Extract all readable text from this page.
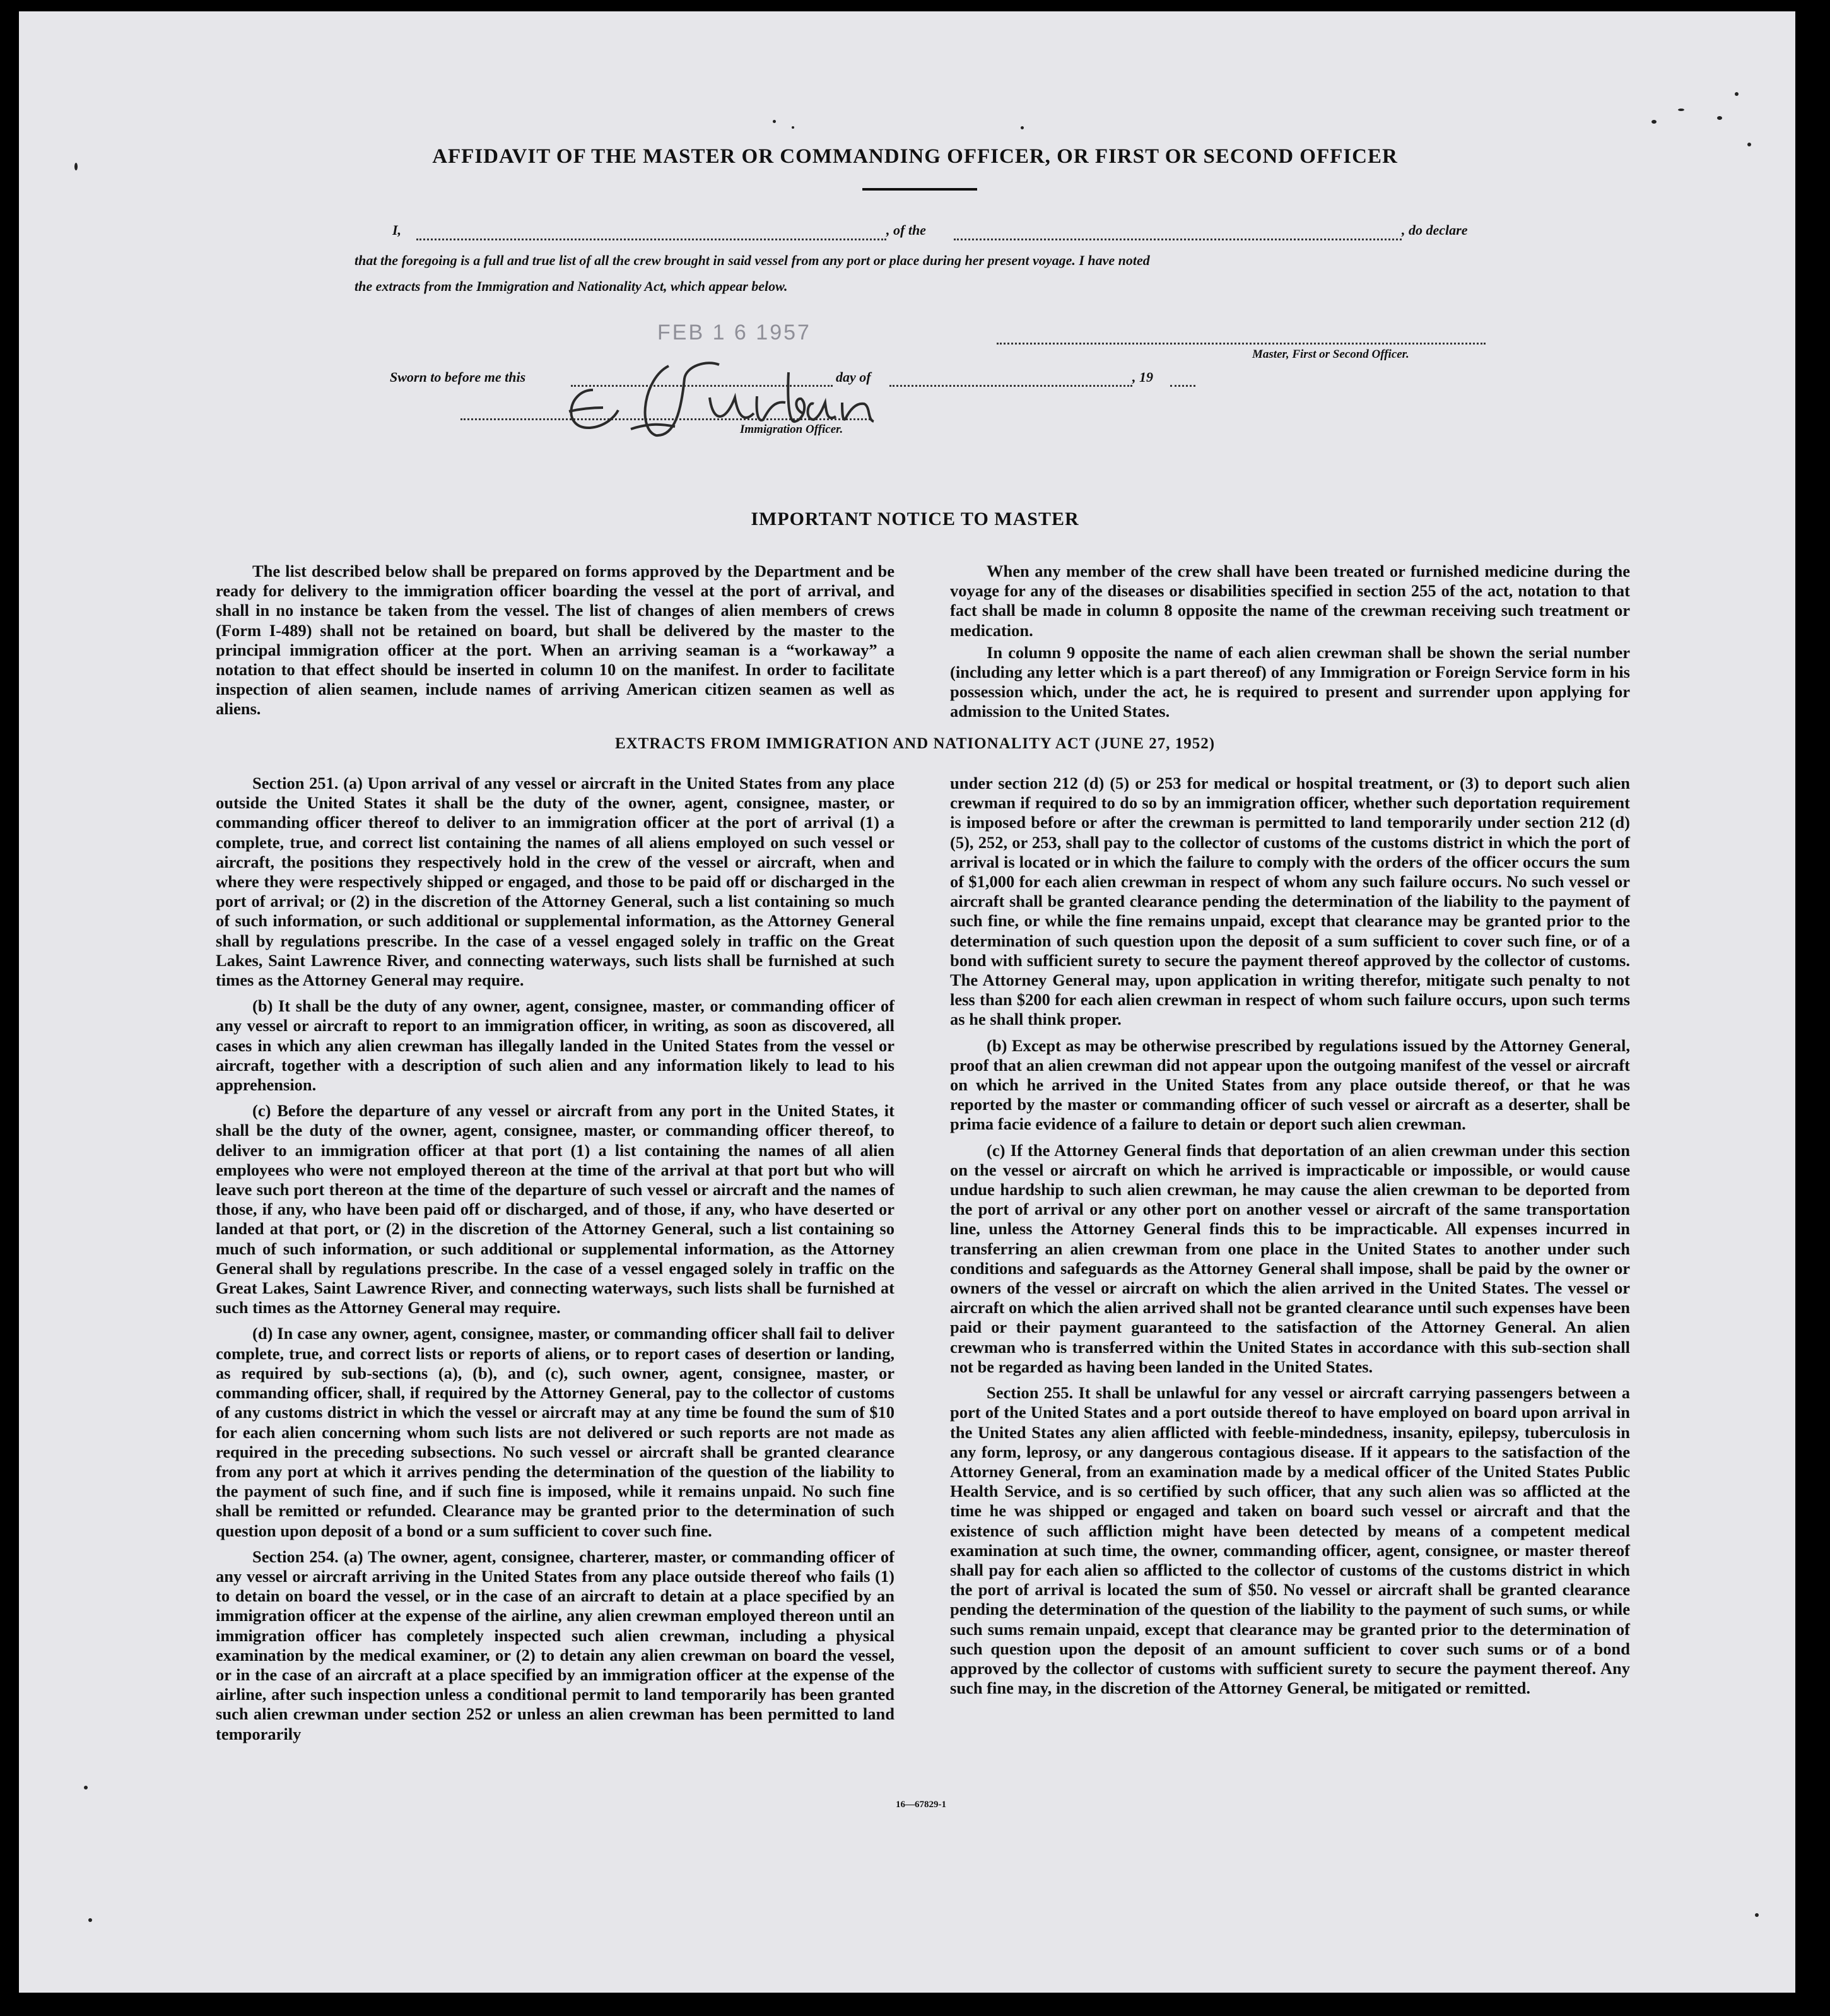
AFFIDAVIT OF THE MASTER OR COMMANDING OFFICER, OR FIRST OR SECOND OFFICER
I,	, of the	, do declare
that the foregoing is a full and true list of all the crew brought in said vessel from any port or place during her present voyage. I have noted
the extracts from the Immigration and Nationality Act, which appear below.
FEB 1 6 1957
Master, First or Second Officer.
Sworn to before me this	day of	, 19
Immigration Officer.
IMPORTANT NOTICE TO MASTER

The list described below shall be prepared on forms approved by the Department and be ready for delivery to the immigration officer boarding the vessel at the port of arrival, and shall in no instance be taken from the vessel. The list of changes of alien members of crews (Form I-489) shall not be retained on board, but shall be delivered by the master to the principal immigration officer at the port. When an arriving seaman is a “workaway” a notation to that effect should be inserted in column 10 on the manifest. In order to facilitate inspection of alien seamen, include names of arriving American citizen seamen as well as aliens.

When any member of the crew shall have been treated or furnished medicine during the voyage for any of the diseases or disabilities specified in section 255 of the act, notation to that fact shall be made in column 8 opposite the name of the crewman receiving such treatment or medication.

In column 9 opposite the name of each alien crewman shall be shown the serial number (including any letter which is a part thereof) of any Immigration or Foreign Service form in his possession which, under the act, he is required to present and surrender upon applying for admission to the United States.

EXTRACTS FROM IMMIGRATION AND NATIONALITY ACT (JUNE 27, 1952)

Section 251. (a) Upon arrival of any vessel or aircraft in the United States from any place outside the United States it shall be the duty of the owner, agent, consignee, master, or commanding officer thereof to deliver to an immigration officer at the port of arrival (1) a complete, true, and correct list containing the names of all aliens employed on such vessel or aircraft, the positions they respectively hold in the crew of the vessel or aircraft, when and where they were respectively shipped or engaged, and those to be paid off or discharged in the port of arrival; or (2) in the discretion of the Attorney General, such a list containing so much of such information, or such additional or supplemental information, as the Attorney General shall by regulations prescribe. In the case of a vessel engaged solely in traffic on the Great Lakes, Saint Lawrence River, and connecting waterways, such lists shall be furnished at such times as the Attorney General may require.

(b) It shall be the duty of any owner, agent, consignee, master, or commanding officer of any vessel or aircraft to report to an immigration officer, in writing, as soon as discovered, all cases in which any alien crewman has illegally landed in the United States from the vessel or aircraft, together with a description of such alien and any information likely to lead to his apprehension.

(c) Before the departure of any vessel or aircraft from any port in the United States, it shall be the duty of the owner, agent, consignee, master, or commanding officer thereof, to deliver to an immigration officer at that port (1) a list containing the names of all alien employees who were not employed thereon at the time of the arrival at that port but who will leave such port thereon at the time of the departure of such vessel or aircraft and the names of those, if any, who have been paid off or discharged, and of those, if any, who have deserted or landed at that port, or (2) in the discretion of the Attorney General, such a list containing so much of such information, or such additional or supplemental information, as the Attorney General shall by regulations prescribe. In the case of a vessel engaged solely in traffic on the Great Lakes, Saint Lawrence River, and connecting waterways, such lists shall be furnished at such times as the Attorney General may require.

(d) In case any owner, agent, consignee, master, or commanding officer shall fail to deliver complete, true, and correct lists or reports of aliens, or to report cases of desertion or landing, as required by sub-sections (a), (b), and (c), such owner, agent, consignee, master, or commanding officer, shall, if required by the Attorney General, pay to the collector of customs of any customs district in which the vessel or aircraft may at any time be found the sum of $10 for each alien concerning whom such lists are not delivered or such reports are not made as required in the preceding subsections. No such vessel or aircraft shall be granted clearance from any port at which it arrives pending the determination of the question of the liability to the payment of such fine, and if such fine is imposed, while it remains unpaid. No such fine shall be remitted or refunded. Clearance may be granted prior to the determination of such question upon deposit of a bond or a sum sufficient to cover such fine.

Section 254. (a) The owner, agent, consignee, charterer, master, or commanding officer of any vessel or aircraft arriving in the United States from any place outside thereof who fails (1) to detain on board the vessel, or in the case of an aircraft to detain at a place specified by an immigration officer at the expense of the airline, any alien crewman employed thereon until an immigration officer has completely inspected such alien crewman, including a physical examination by the medical examiner, or (2) to detain any alien crewman on board the vessel, or in the case of an aircraft at a place specified by an immigration officer at the expense of the airline, after such inspection unless a conditional permit to land temporarily has been granted such alien crewman under section 252 or unless an alien crewman has been permitted to land temporarily

under section 212 (d) (5) or 253 for medical or hospital treatment, or (3) to deport such alien crewman if required to do so by an immigration officer, whether such deportation requirement is imposed before or after the crewman is permitted to land temporarily under section 212 (d) (5), 252, or 253, shall pay to the collector of customs of the customs district in which the port of arrival is located or in which the failure to comply with the orders of the officer occurs the sum of $1,000 for each alien crewman in respect of whom any such failure occurs. No such vessel or aircraft shall be granted clearance pending the determination of the liability to the payment of such fine, or while the fine remains unpaid, except that clearance may be granted prior to the determination of such question upon the deposit of a sum sufficient to cover such fine, or of a bond with sufficient surety to secure the payment thereof approved by the collector of customs. The Attorney General may, upon application in writing therefor, mitigate such penalty to not less than $200 for each alien crewman in respect of whom such failure occurs, upon such terms as he shall think proper.

(b) Except as may be otherwise prescribed by regulations issued by the Attorney General, proof that an alien crewman did not appear upon the outgoing manifest of the vessel or aircraft on which he arrived in the United States from any place outside thereof, or that he was reported by the master or commanding officer of such vessel or aircraft as a deserter, shall be prima facie evidence of a failure to detain or deport such alien crewman.

(c) If the Attorney General finds that deportation of an alien crewman under this section on the vessel or aircraft on which he arrived is impracticable or impossible, or would cause undue hardship to such alien crewman, he may cause the alien crewman to be deported from the port of arrival or any other port on another vessel or aircraft of the same transportation line, unless the Attorney General finds this to be impracticable. All expenses incurred in transferring an alien crewman from one place in the United States to another under such conditions and safeguards as the Attorney General shall impose, shall be paid by the owner or owners of the vessel or aircraft on which the alien arrived in the United States. The vessel or aircraft on which the alien arrived shall not be granted clearance until such expenses have been paid or their payment guaranteed to the satisfaction of the Attorney General. An alien crewman who is transferred within the United States in accordance with this sub-section shall not be regarded as having been landed in the United States.

Section 255. It shall be unlawful for any vessel or aircraft carrying passengers between a port of the United States and a port outside thereof to have employed on board upon arrival in the United States any alien afflicted with feeble-mindedness, insanity, epilepsy, tuberculosis in any form, leprosy, or any dangerous contagious disease. If it appears to the satisfaction of the Attorney General, from an examination made by a medical officer of the United States Public Health Service, and is so certified by such officer, that any such alien was so afflicted at the time he was shipped or engaged and taken on board such vessel or aircraft and that the existence of such affliction might have been detected by means of a competent medical examination at such time, the owner, commanding officer, agent, consignee, or master thereof shall pay for each alien so afflicted to the collector of customs of the customs district in which the port of arrival is located the sum of $50. No vessel or aircraft shall be granted clearance pending the determination of the question of the liability to the payment of such sums, or while such sums remain unpaid, except that clearance may be granted prior to the determination of such question upon the deposit of an amount sufficient to cover such sums or of a bond approved by the collector of customs with sufficient surety to secure the payment thereof. Any such fine may, in the discretion of the Attorney General, be mitigated or remitted.

16—67829-1
